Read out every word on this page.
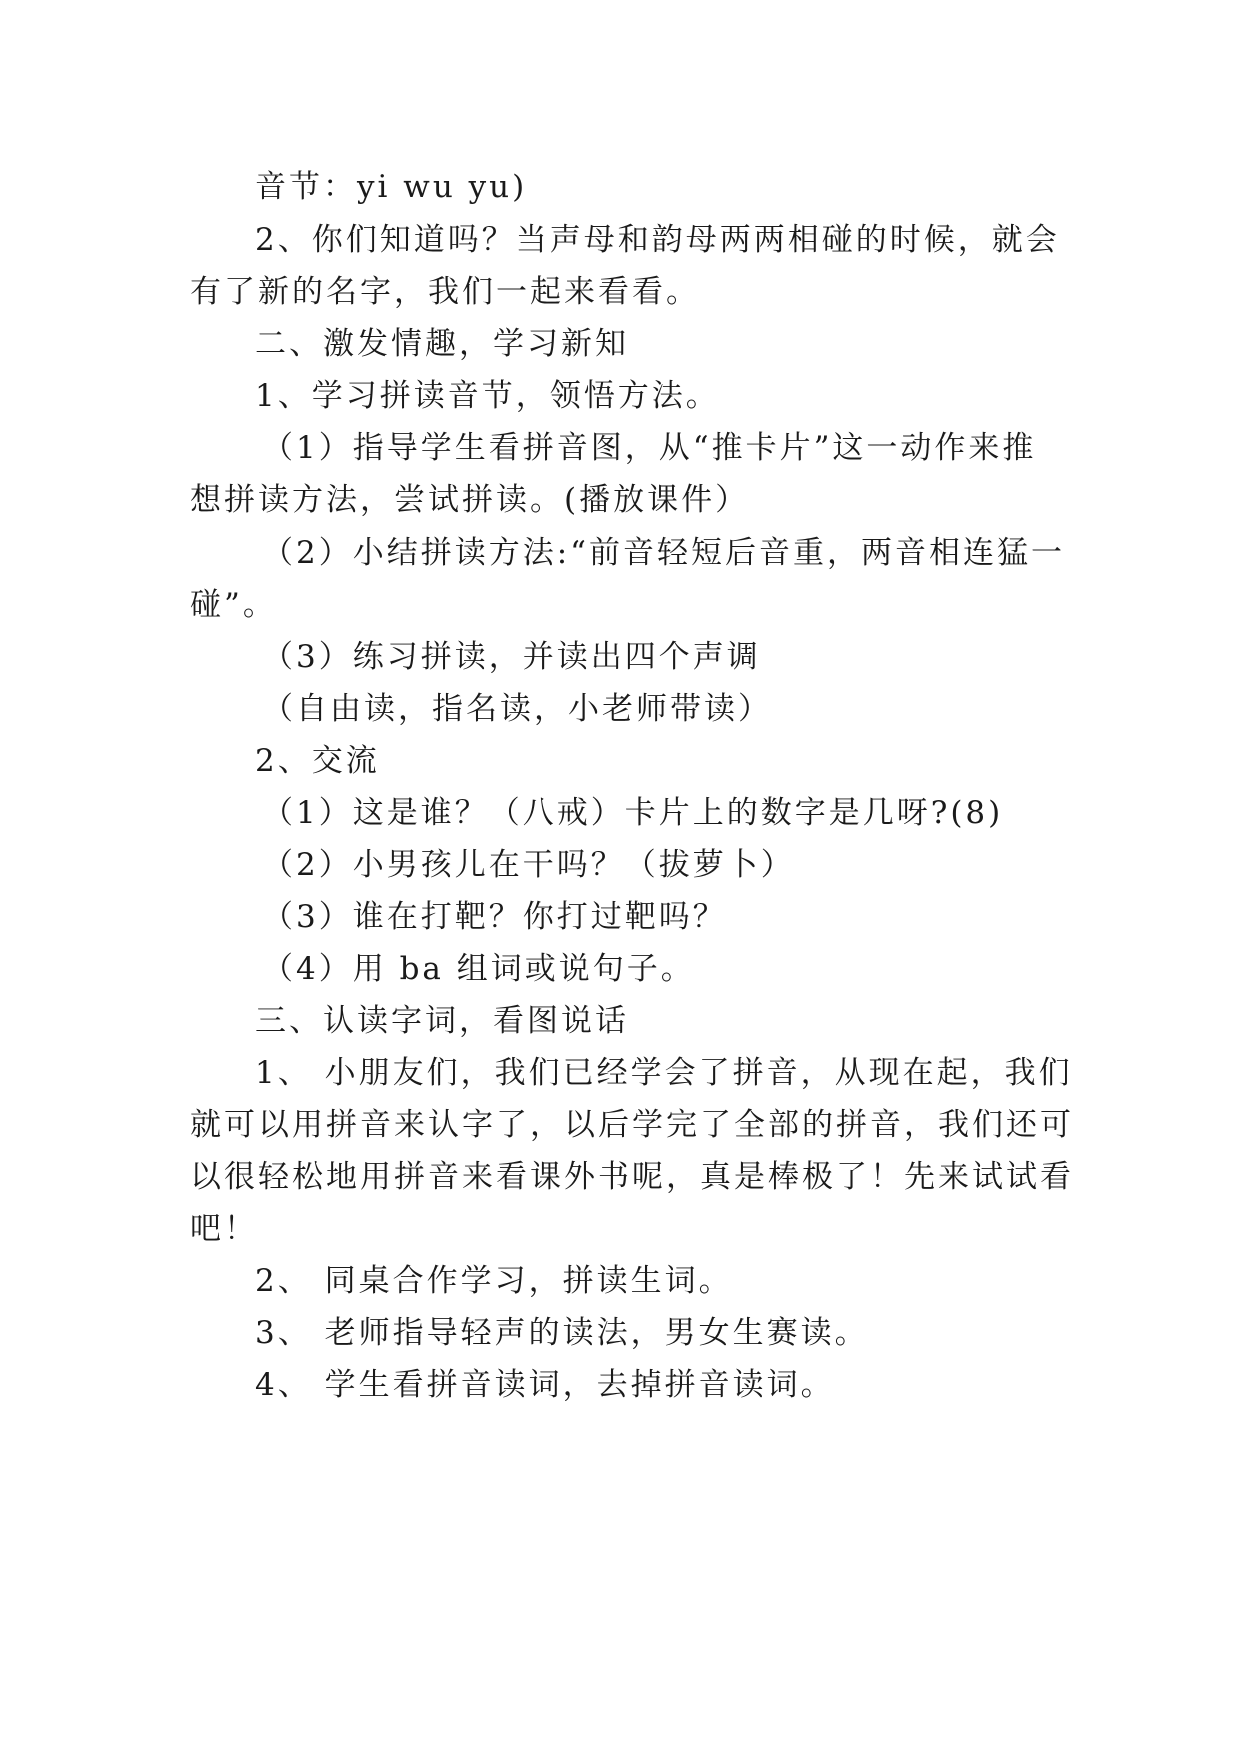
音节：yi wu yu)
2、你们知道吗？当声母和韵母两两相碰的时候，就会
有了新的名字，我们一起来看看。
二、激发情趣，学习新知
1、学习拼读音节，领悟方法。
（1）指导学生看拼音图，从“推卡片”这一动作来推
想拼读方法，尝试拼读。(播放课件）
（2）小结拼读方法:“前音轻短后音重，两音相连猛一
碰”。
（3）练习拼读，并读出四个声调
（自由读，指名读，小老师带读）
2、交流
（1）这是谁？（八戒）卡片上的数字是几呀?(8)
（2）小男孩儿在干吗？（拔萝卜）
（3）谁在打靶？你打过靶吗？
（4）用 ba 组词或说句子。
三、认读字词，看图说话
1、 小朋友们，我们已经学会了拼音，从现在起，我们
就可以用拼音来认字了，以后学完了全部的拼音，我们还可
以很轻松地用拼音来看课外书呢，真是棒极了！先来试试看
吧！
2、 同桌合作学习，拼读生词。
3、 老师指导轻声的读法，男女生赛读。
4、 学生看拼音读词，去掉拼音读词。
